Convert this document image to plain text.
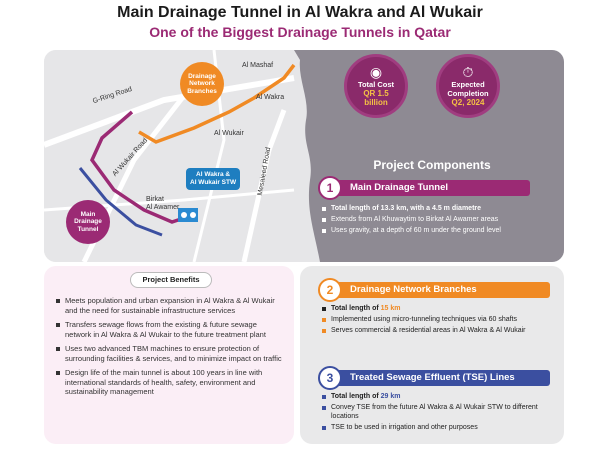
Main Drainage Tunnel in Al Wakra and Al Wukair
One of the Biggest Drainage Tunnels in Qatar
Drainage
Network
Branches
Main
Drainage
Tunnel
Al Wakra &
Al Wukair STW
Al Mashaf
G-Ring Road	Al Wakra
Al Wukair
Al Wukair Road	Mesaieed Road
Birkat
Al Awamer
◉
Total Cost
QR 1.5
billion
⏱
Expected
Completion
Q2, 2024
Project Components
Main Drainage Tunnel
1
Total length of 13.3 km, with a 4.5 m diametre
Extends from Al Khuwaytim to Birkat Al Awamer areas
Uses gravity, at a depth of 60 m under the ground level
Project Benefits
Meets population and urban expansion in Al Wakra & Al Wukair and the need for sustainable infrastructure services
Transfers sewage flows from the existing & future sewage network in Al Wakra & Al Wukair to the future treatment plant
Uses two advanced TBM machines to ensure protection of surrounding facilities & services, and to minimize impact on traffic
Design life of the main tunnel is about 100 years in line with international standards of health, safety, environment and sustainability management
Drainage Network Branches
2
Total length of 15 km
Implemented using micro-tunneling techniques via 60 shafts
Serves commercial & residential areas in Al Wakra & Al Wukair
Treated Sewage Effluent (TSE) Lines
3
Total length of 29 km
Convey TSE from the future Al Wakra & Al Wukair STW to different locations
TSE to be used in irrigation and other purposes
